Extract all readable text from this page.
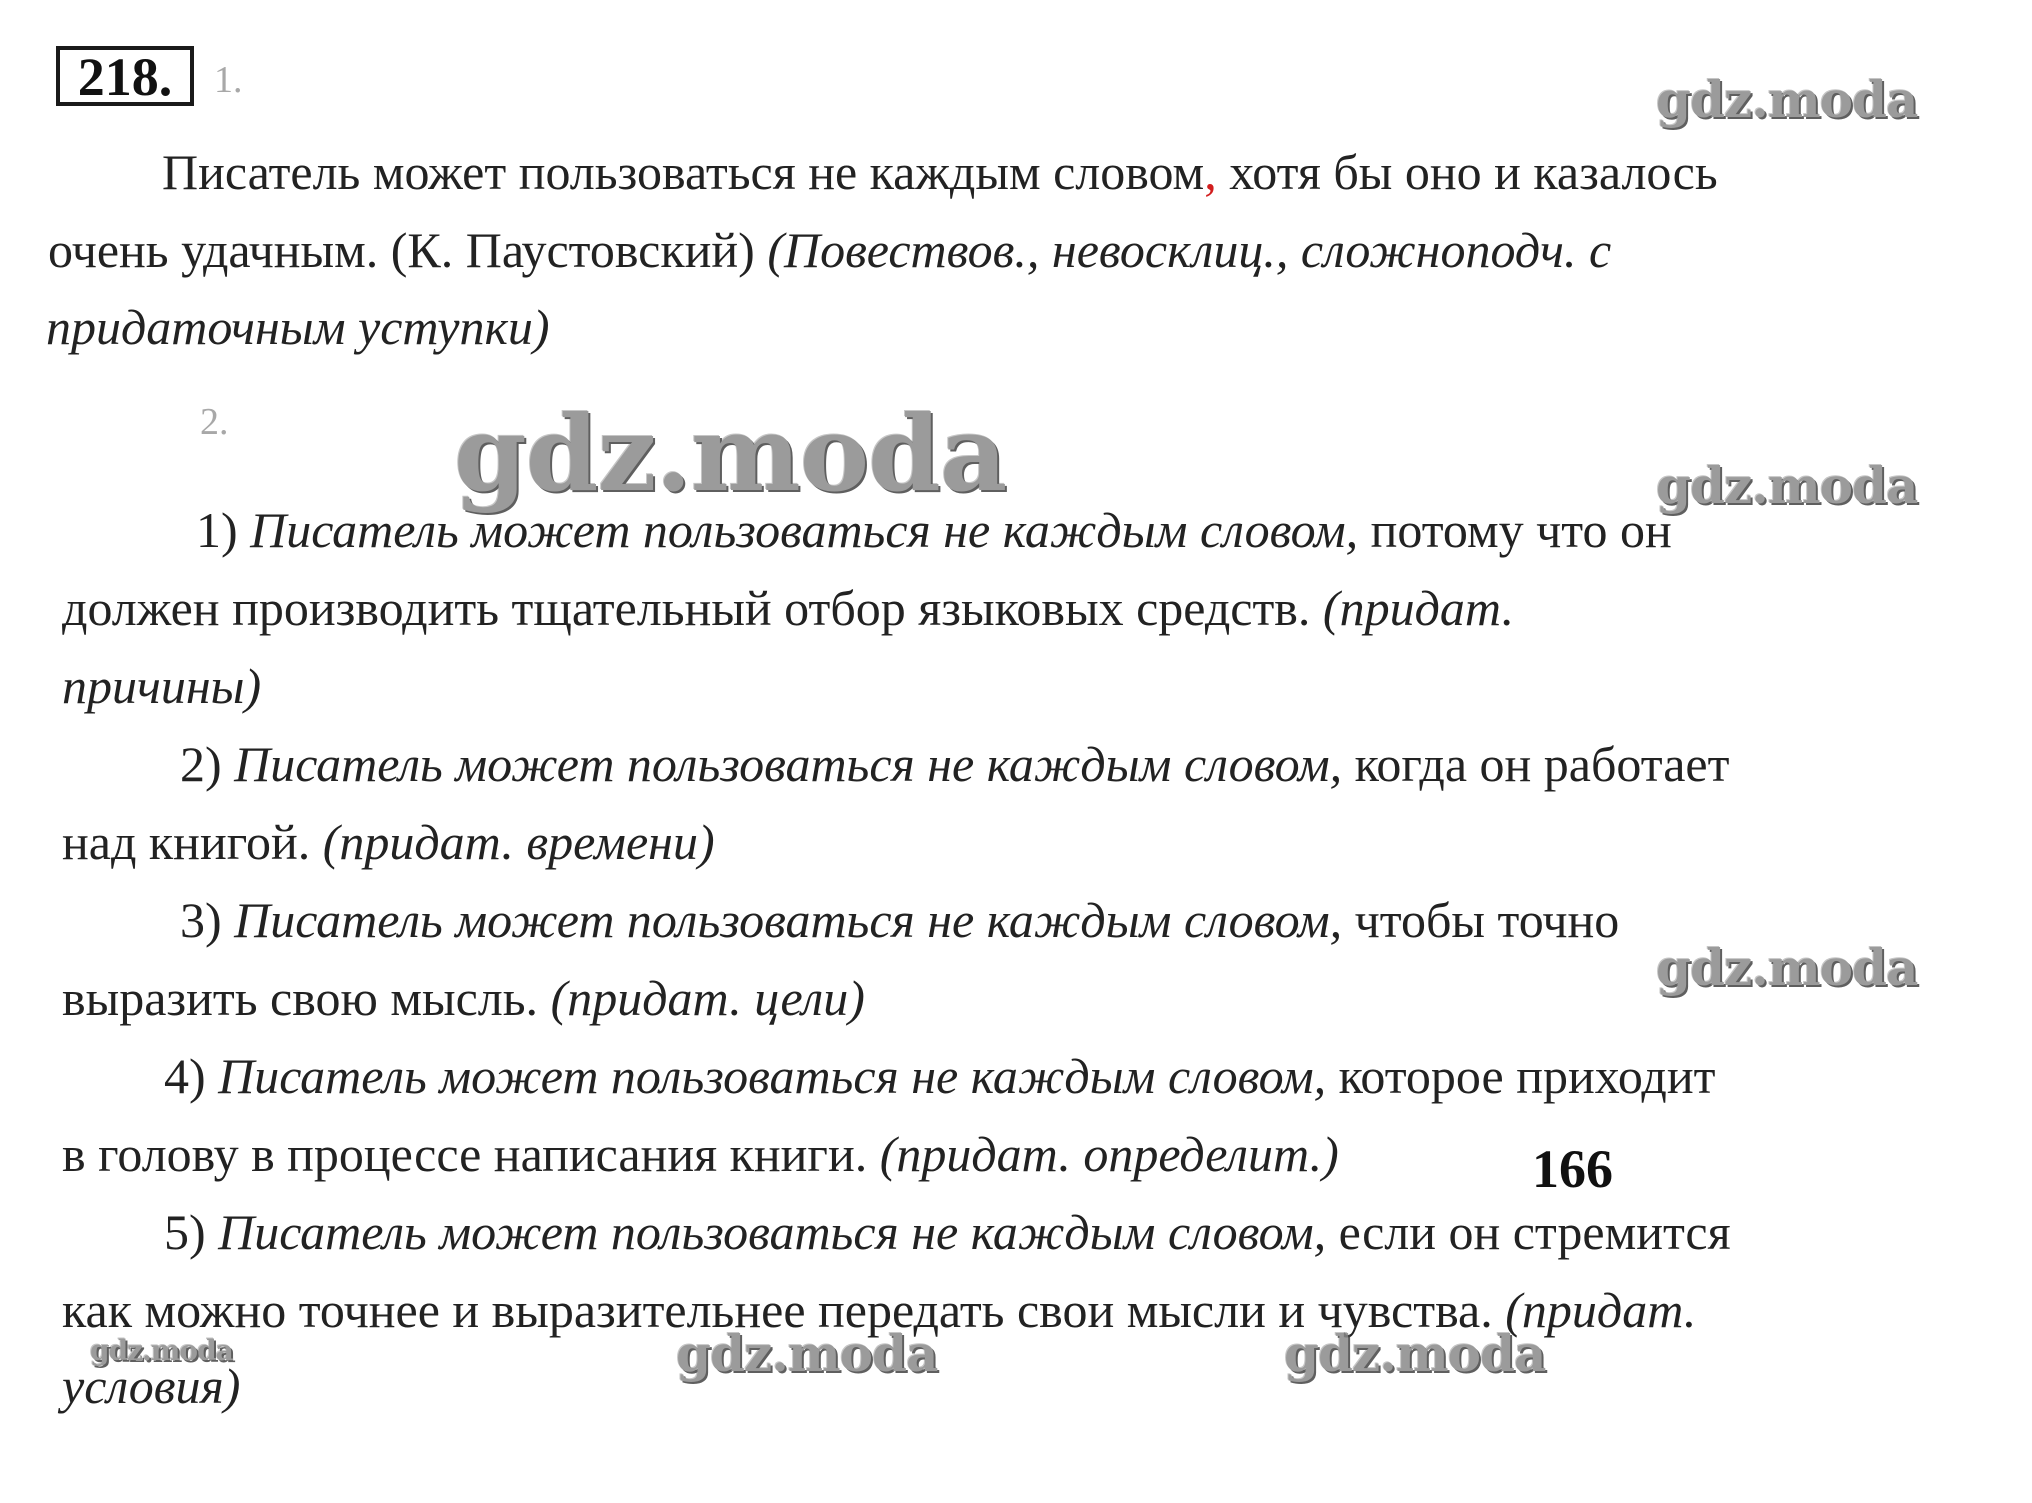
218.	1.
Писатель может пользоваться не каждым словом, хотя бы оно и казалось
очень удачным. (К. Паустовский) (Повествов., невосклиц., сложноподч. с
придаточным уступки)
2.
1) Писатель может пользоваться не каждым словом, потому что он
должен производить тщательный отбор языковых средств. (придат.
причины)
2) Писатель может пользоваться не каждым словом, когда он работает
над книгой. (придат. времени)
3) Писатель может пользоваться не каждым словом, чтобы точно
выразить свою мысль. (придат. цели)
4) Писатель может пользоваться не каждым словом, которое приходит
в голову в процессе написания книги. (придат. определит.)
5) Писатель может пользоваться не каждым словом, если он стремится
как можно точнее и выразительнее передать свои мысли и чувства. (придат.
условия)
166
gdz.moda
gdz.moda	gdz.moda
gdz.moda
gdz.moda	gdz.moda	gdz.moda
